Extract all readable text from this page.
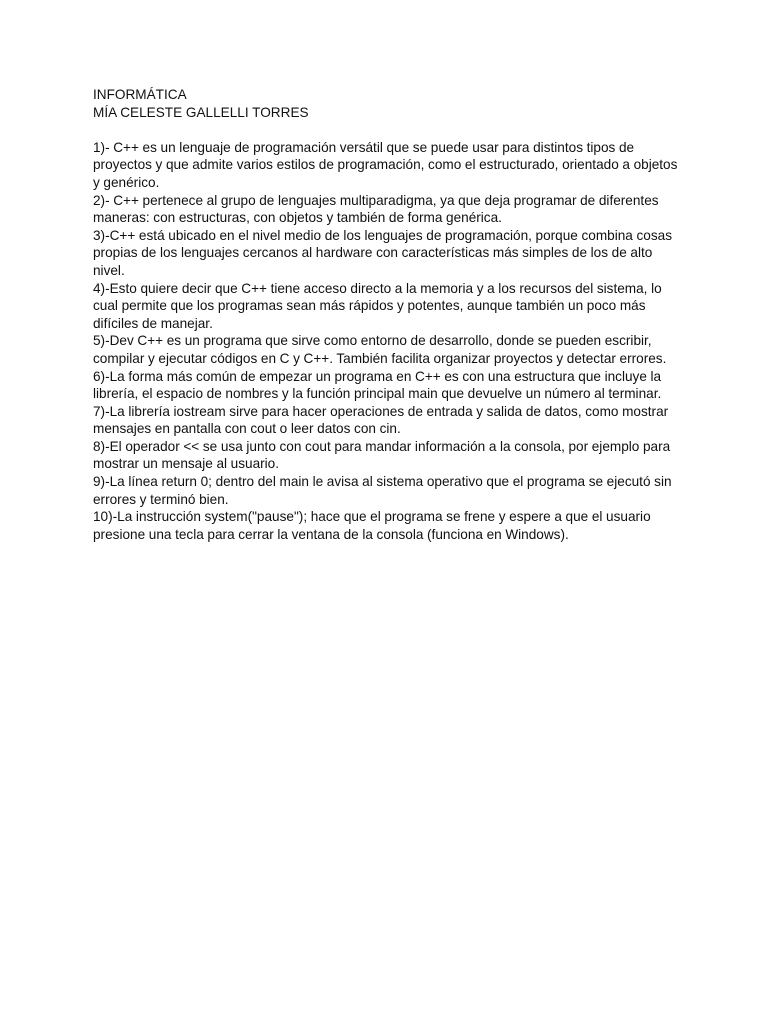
INFORMÁTICA

MÍA CELESTE GALLELLI TORRES

1)- C++ es un lenguaje de programación versátil que se puede usar para distintos tipos de proyectos y que admite varios estilos de programación, como el estructurado, orientado a objetos y genérico.

2)- C++ pertenece al grupo de lenguajes multiparadigma, ya que deja programar de diferentes maneras: con estructuras, con objetos y también de forma genérica.

3)-C++ está ubicado en el nivel medio de los lenguajes de programación, porque combina cosas propias de los lenguajes cercanos al hardware con características más simples de los de alto nivel.

4)-Esto quiere decir que C++ tiene acceso directo a la memoria y a los recursos del sistema, lo cual permite que los programas sean más rápidos y potentes, aunque también un poco más difíciles de manejar.

5)-Dev C++ es un programa que sirve como entorno de desarrollo, donde se pueden escribir, compilar y ejecutar códigos en C y C++. También facilita organizar proyectos y detectar errores.

6)-La forma más común de empezar un programa en C++ es con una estructura que incluye la librería, el espacio de nombres y la función principal main que devuelve un número al terminar.

7)-La librería iostream sirve para hacer operaciones de entrada y salida de datos, como mostrar mensajes en pantalla con cout o leer datos con cin.

8)-El operador << se usa junto con cout para mandar información a la consola, por ejemplo para mostrar un mensaje al usuario.

9)-La línea return 0; dentro del main le avisa al sistema operativo que el programa se ejecutó sin errores y terminó bien.

10)-La instrucción system("pause"); hace que el programa se frene y espere a que el usuario presione una tecla para cerrar la ventana de la consola (funciona en Windows).
